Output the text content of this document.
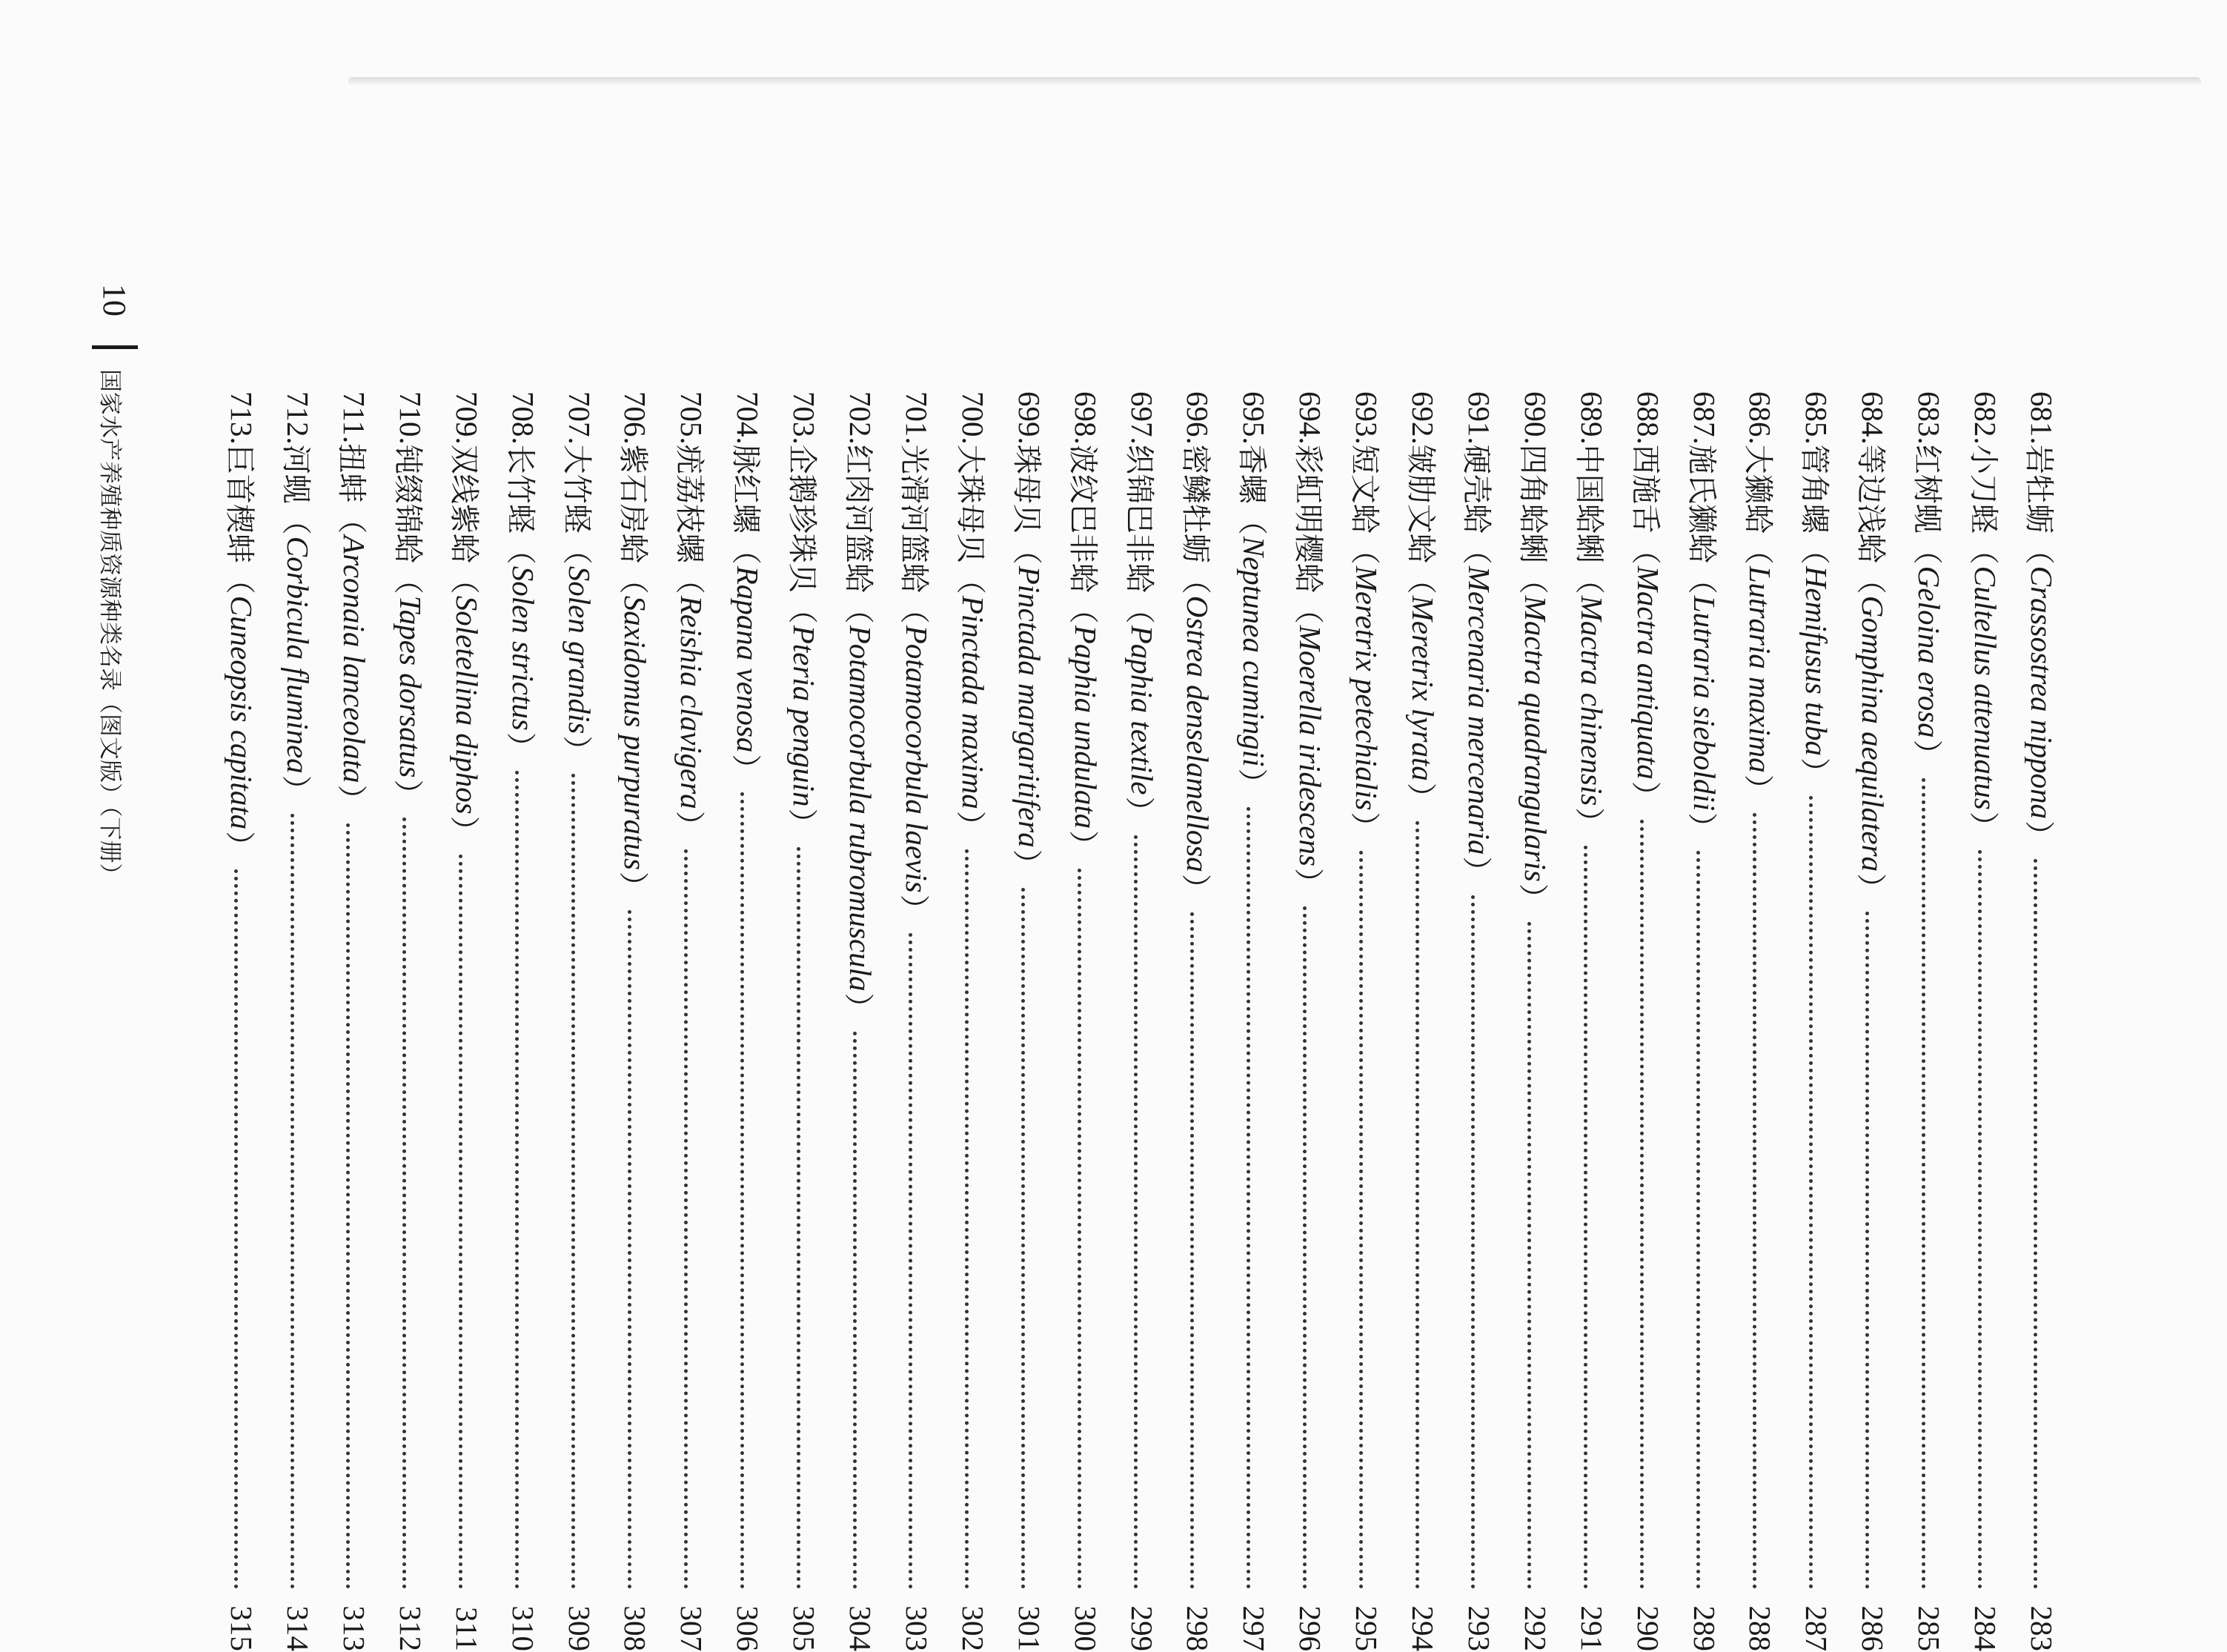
10
国家水产养殖种质资源种类名录（图文版）（下册）	681.
岩牡蛎
（
Crassostrea nippona
）
283
682.
小刀蛏
（
Cultellus attenuatus
）
284
683.
红树蚬
（
Geloina erosa
）
285
684.
等边浅蛤
（
Gomphina aequilatera
）
286
685.
管角螺
（
Hemifusus tuba
）
287
686.
大獭蛤
（
Lutraria maxima
）
288
687.
施氏獭蛤
（
Lutraria sieboldii
）
289
688.
西施舌
（
Mactra antiquata
）
290
689.
中国蛤蜊
（
Mactra chinensis
）
291
690.
四角蛤蜊
（
Mactra quadrangularis
）
292
691.
硬壳蛤
（
Mercenaria mercenaria
）
293
692.
皱肋文蛤
（
Meretrix lyrata
）
294
693.
短文蛤
（
Meretrix petechialis
）
295
694.
彩虹明樱蛤
（
Moerella iridescens
）
296
695.
香螺
（
Neptunea cumingii
）
297
696.
密鳞牡蛎
（
Ostrea denselamellosa
）
298
697.
织锦巴非蛤
（
Paphia textile
）
299
698.
波纹巴非蛤
（
Paphia undulata
）
300
699.
珠母贝
（
Pinctada margaritifera
）
301
700.
大珠母贝
（
Pinctada maxima
）
302
701.
光滑河篮蛤
（
Potamocorbula laevis
）
303
702.
红肉河篮蛤
（
Potamocorbula rubromuscula
）
304
703.
企鹅珍珠贝
（
Pteria penguin
）
305
704.
脉红螺
（
Rapana venosa
）
306
705.
疣荔枝螺
（
Reishia clavigera
）
307
706.
紫石房蛤
（
Saxidomus purpuratus
）
308
707.
大竹蛏
（
Solen grandis
）
309
708.
长竹蛏
（
Solen strictus
）
310
709.
双线紫蛤
（
Soletellina diphos
）
311
710.
钝缀锦蛤
（
Tapes dorsatus
）
312
711.
扭蚌
（
Arconaia lanceolata
）
313
712.
河蚬
（
Corbicula fluminea
）
314
713.
巨首楔蚌
（
Cuneopsis capitata
）
315
